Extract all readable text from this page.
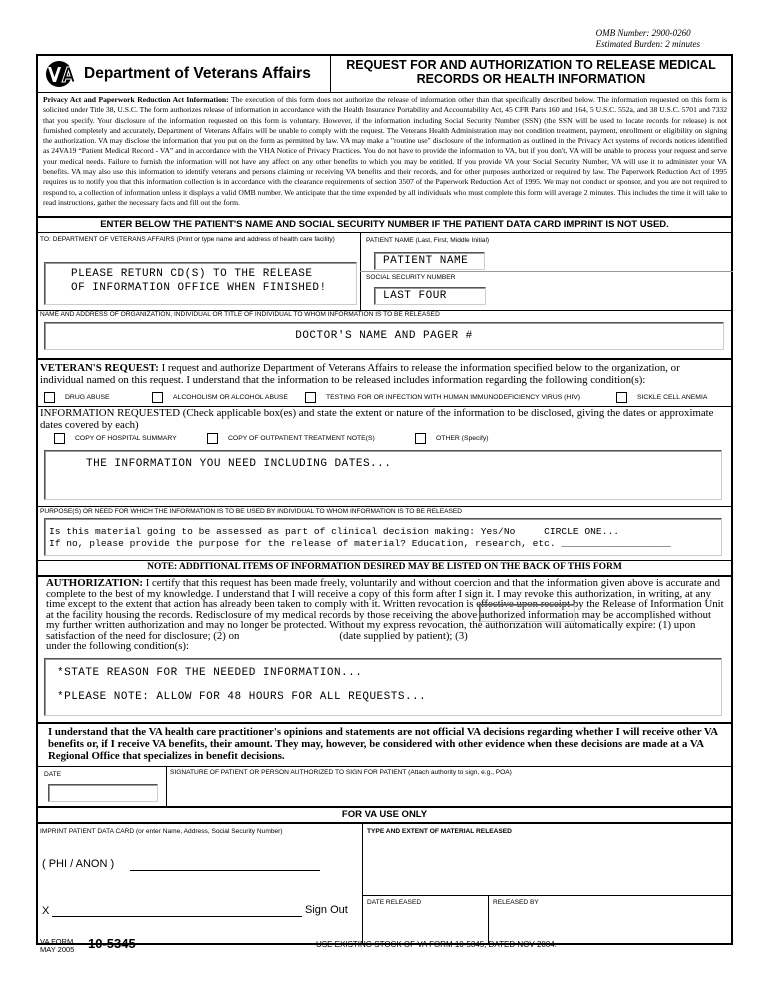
OMB Number: 2900-0260
Estimated Burden: 2 minutes
Department of Veterans Affairs	REQUEST FOR AND AUTHORIZATION TO RELEASE MEDICAL
RECORDS OR HEALTH INFORMATION
Privacy Act and Paperwork Reduction Act Information: The execution of this form does not authorize the release of information other than that specifically described below. The information requested on this form is solicited under Title 38, U.S.C. The form authorizes release of information in accordance with the Health Insurance Portability and Accountability Act, 45 CFR Parts 160 and 164, 5 U.S.C. 552a, and 38 U.S.C. 5701 and 7332 that you specify. Your disclosure of the information requested on this form is voluntary. However, if the information including Social Security Number (SSN) (the SSN will be used to locate records for release) is not furnished completely and accurately, Department of Veterans Affairs will be unable to comply with the request. The Veterans Health Administration may not condition treatment, payment, enrollment or eligibility on signing the authorization. VA may disclose the information that you put on the form as permitted by law. VA may make a "routine use" disclosure of the information as outlined in the Privacy Act systems of records notices identified as 24VA19 “Patient Medical Record - VA” and in accordance with the VHA Notice of Privacy Practices. You do not have to provide the information to VA, but if you don't, VA will be unable to process your request and serve your medical needs. Failure to furnish the information will not have any affect on any other benefits to which you may be entitled. If you provide VA your Social Security Number, VA will use it to administer your VA benefits. VA may also use this information to identify veterans and persons claiming or receiving VA benefits and their records, and for other purposes authorized or required by law. The Paperwork Reduction Act of 1995 requires us to notify you that this information collection is in accordance with the clearance requirements of section 3507 of the Paperwork Reduction Act of 1995. We may not conduct or sponsor, and you are not required to respond to, a collection of information unless it displays a valid OMB number. We anticipate that the time expended by all individuals who must complete this form will average 2 minutes. This includes the time it will take to read instructions, gather the necessary facts and fill out the form.
ENTER BELOW THE PATIENT'S NAME AND SOCIAL SECURITY NUMBER IF THE PATIENT DATA CARD IMPRINT IS NOT USED.
TO: DEPARTMENT OF VETERANS AFFAIRS (Print or type name and address of health care facility)
PLEASE RETURN CD(S) TO THE RELEASE
OF INFORMATION OFFICE WHEN FINISHED!
PATIENT NAME (Last, First, Middle Initial)
PATIENT NAME
SOCIAL SECURITY NUMBER
LAST FOUR
NAME AND ADDRESS OF ORGANIZATION, INDIVIDUAL OR TITLE OF INDIVIDUAL TO WHOM INFORMATION IS TO BE RELEASED
DOCTOR'S NAME AND PAGER #
VETERAN'S REQUEST: I request and authorize Department of Veterans Affairs to release the information specified below to the organization, or individual named on this request. I understand that the information to be released includes information regarding the following condition(s):
DRUG ABUSE	ALCOHOLISM OR ALCOHOL ABUSE	TESTING FOR OR INFECTION WITH HUMAN IMMUNODEFICIENCY VIRUS (HIV)	SICKLE CELL ANEMIA
INFORMATION REQUESTED (Check applicable box(es) and state the extent or nature of the information to be disclosed, giving the dates or approximate dates covered by each)
COPY OF HOSPITAL SUMMARY	COPY OF OUTPATIENT TREATMENT NOTE(S)	OTHER (Specify)
THE INFORMATION YOU NEED INCLUDING DATES...
PURPOSE(S) OR NEED FOR WHICH THE INFORMATION IS TO BE USED BY INDIVIDUAL TO WHOM INFORMATION IS TO BE RELEASED
Is this material going to be assessed as part of clinical decision making: Yes/No     CIRCLE ONE...
If no, please provide the purpose for the release of material? Education, research, etc. ___________________
NOTE: ADDITIONAL ITEMS OF INFORMATION DESIRED MAY BE LISTED ON THE BACK OF THIS FORM
AUTHORIZATION: I certify that this request has been made freely, voluntarily and without coercion and that the information given above is accurate and complete to the best of my knowledge. I understand that I will receive a copy of this form after I sign it. I may revoke this authorization, in writing, at any time except to the extent that action has already been taken to comply with it. Written revocation is effective upon receipt by the Release of Information Unit at the facility housing the records. Redisclosure of my medical records by those receiving the above authorized information may be accomplished without my further written authorization and may no longer be protected. Without my express revocation, the authorization will automatically expire: (1) upon satisfaction of the need for disclosure; (2) on	(date supplied by patient); (3)
under the following condition(s):
*STATE REASON FOR THE NEEDED INFORMATION...

*PLEASE NOTE: ALLOW FOR 48 HOURS FOR ALL REQUESTS...
I understand that the VA health care practitioner's opinions and statements are not official VA decisions regarding whether I will receive other VA benefits or, if I receive VA benefits, their amount. They may, however, be considered with other evidence when these decisions are made at a VA Regional Office that specializes in benefit decisions.
DATE	SIGNATURE OF PATIENT OR PERSON AUTHORIZED TO SIGN FOR PATIENT (Attach authority to sign, e.g., POA)
FOR VA USE ONLY
IMPRINT PATIENT DATA CARD (or enter Name, Address, Social Security Number)
( PHI / ANON )
X	Sign Out
TYPE AND EXTENT OF MATERIAL RELEASED
DATE RELEASED	RELEASED BY
VA FORM
MAY 2005 10-5345	USE EXISTING STOCK OF VA FORM 10-5345, DATED NOV 2004.
